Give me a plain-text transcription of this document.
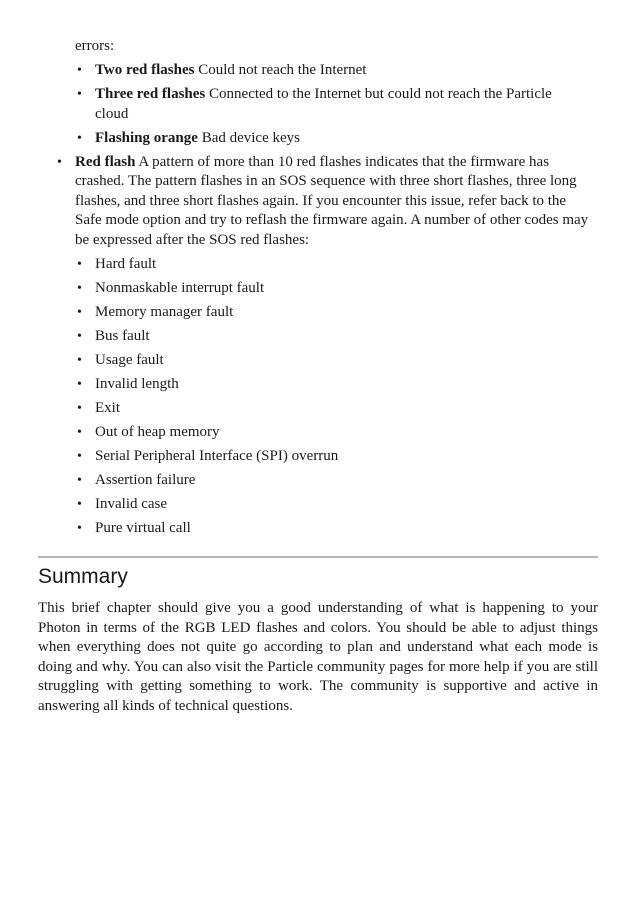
errors:

• Two red flashes Could not reach the Internet
• Three red flashes Connected to the Internet but could not reach the Particle cloud
• Flashing orange Bad device keys
• Red flash A pattern of more than 10 red flashes indicates that the firmware has crashed. The pattern flashes in an SOS sequence with three short flashes, three long flashes, and three short flashes again. If you encounter this issue, refer back to the Safe mode option and try to reflash the firmware again. A number of other codes may be expressed after the SOS red flashes:
• Hard fault
• Nonmaskable interrupt fault
• Memory manager fault
• Bus fault
• Usage fault
• Invalid length
• Exit
• Out of heap memory
• Serial Peripheral Interface (SPI) overrun
• Assertion failure
• Invalid case
• Pure virtual call
Summary

This brief chapter should give you a good understanding of what is happening to your Photon in terms of the RGB LED flashes and colors. You should be able to adjust things when everything does not quite go according to plan and understand what each mode is doing and why. You can also visit the Particle community pages for more help if you are still struggling with getting something to work. The community is supportive and active in answering all kinds of technical questions.
